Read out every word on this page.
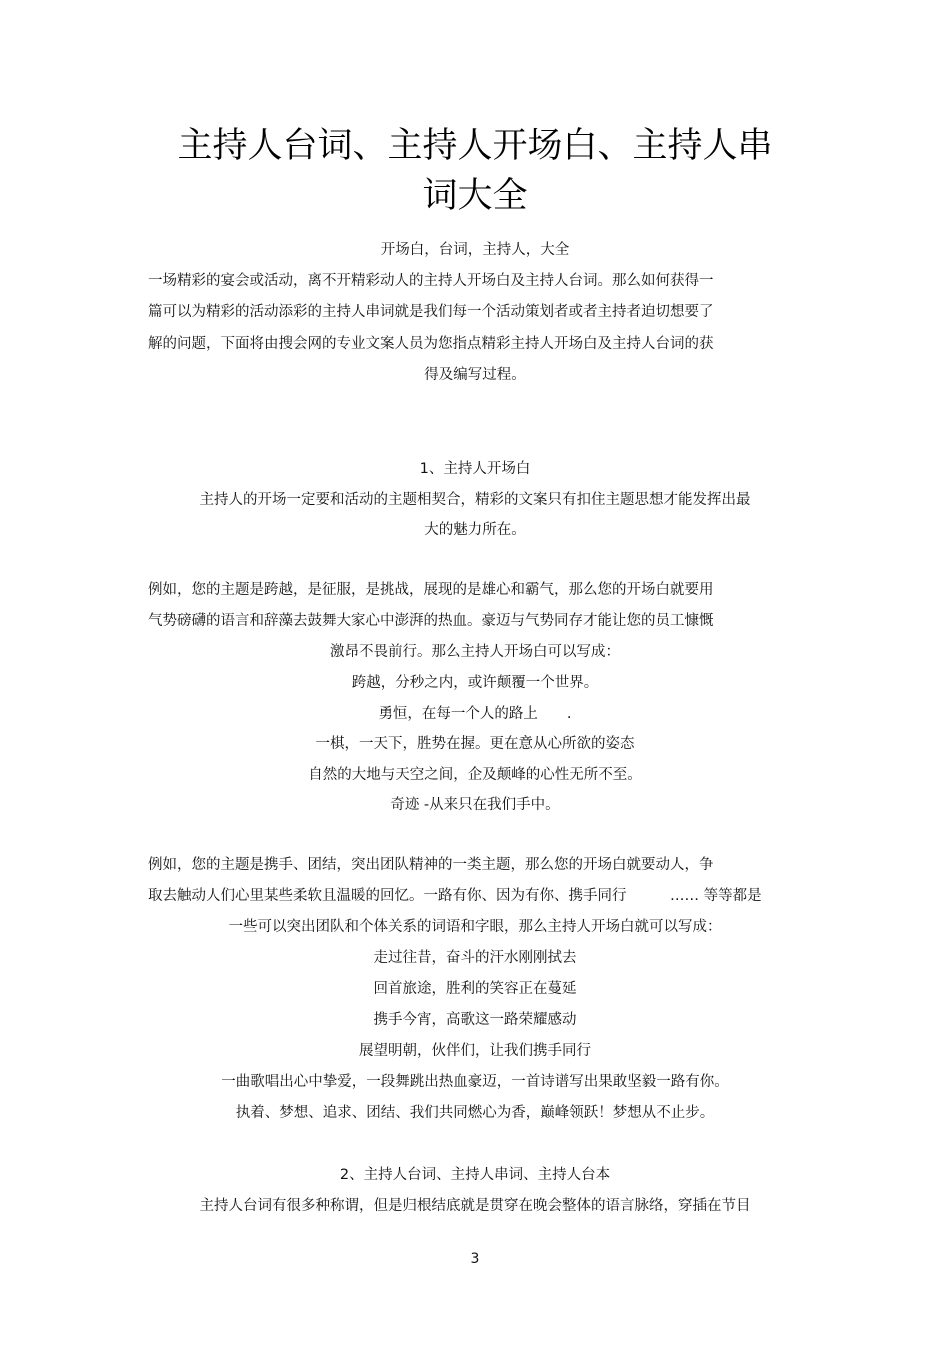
主持人台词、主持人开场白、主持人串
词大全
开场白，台词，主持人，大全
一场精彩的宴会或活动，离不开精彩动人的主持人开场白及主持人台词。那么如何获得一
篇可以为精彩的活动添彩的主持人串词就是我们每一个活动策划者或者主持者迫切想要了
解的问题，下面将由搜会网的专业文案人员为您指点精彩主持人开场白及主持人台词的获
得及编写过程。
1、主持人开场白
主持人的开场一定要和活动的主题相契合，精彩的文案只有扣住主题思想才能发挥出最
大的魅力所在。
例如，您的主题是跨越，是征服，是挑战，展现的是雄心和霸气，那么您的开场白就要用
气势磅礴的语言和辞藻去鼓舞大家心中澎湃的热血。豪迈与气势同存才能让您的员工慷慨
激昂不畏前行。那么主持人开场白可以写成：
跨越，分秒之内，或许颠覆一个世界。
勇恒，在每一个人的路上　　.
一棋，一天下，胜势在握。更在意从心所欲的姿态
自然的大地与天空之间，企及颠峰的心性无所不至。
奇迹 -从来只在我们手中。
例如，您的主题是携手、团结，突出团队精神的一类主题，那么您的开场白就要动人，争
取去触动人们心里某些柔软且温暖的回忆。一路有你、因为有你、携手同行　　　…… 等等都是
一些可以突出团队和个体关系的词语和字眼，那么主持人开场白就可以写成：
走过往昔，奋斗的汗水刚刚拭去
回首旅途，胜利的笑容正在蔓延
携手今宵，高歌这一路荣耀感动
展望明朝，伙伴们，让我们携手同行
一曲歌唱出心中挚爱，一段舞跳出热血豪迈，一首诗谱写出果敢坚毅一路有你。
执着、梦想、追求、团结、我们共同燃心为香，巅峰领跃！梦想从不止步。
2、主持人台词、主持人串词、主持人台本
主持人台词有很多种称谓，但是归根结底就是贯穿在晚会整体的语言脉络，穿插在节目
3
